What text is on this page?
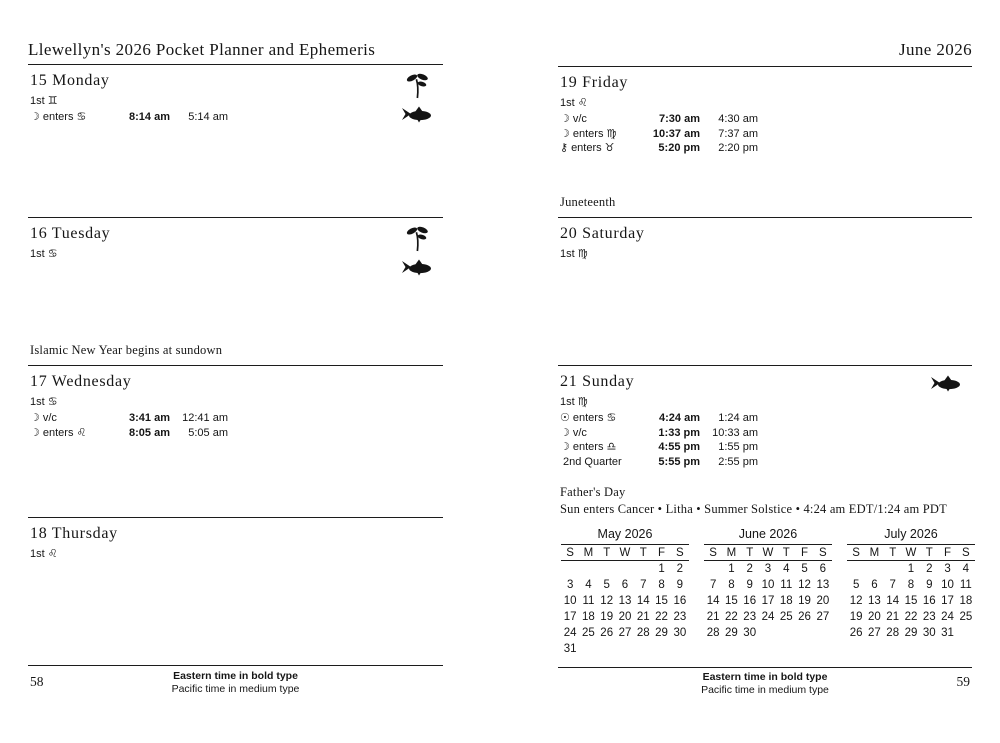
Llewellyn's 2026 Pocket Planner and Ephemeris
15 Monday
1st ♊
☽ enters ♋	8:14 am	5:14 am
16 Tuesday
1st ♋
Islamic New Year begins at sundown
17 Wednesday
1st ♋
☽ v/c	3:41 am	12:41 am
☽ enters ♌	8:05 am	5:05 am
18 Thursday
1st ♌
Eastern time in bold type
Pacific time in medium type
58
June 2026
19 Friday
1st ♌
☽ v/c	7:30 am	4:30 am
☽ enters ♍	10:37 am	7:37 am
⚷ enters ♉	5:20 pm	2:20 pm
Juneteenth
20 Saturday
1st ♍
21 Sunday
1st ♍
☉ enters ♋	4:24 am	1:24 am
☽ v/c	1:33 pm	10:33 am
☽ enters ♎	4:55 pm	1:55 pm
2nd Quarter	5:55 pm	2:55 pm
Father's Day
Sun enters Cancer • Litha • Summer Solstice • 4:24 am EDT/1:24 am PDT
May 2026
S	M	T	W	T	F	S
					1	2
3	4	5	6	7	8	9
10	11	12	13	14	15	16
17	18	19	20	21	22	23
24	25	26	27	28	29	30
31						
June 2026
S	M	T	W	T	F	S
	1	2	3	4	5	6
7	8	9	10	11	12	13
14	15	16	17	18	19	20
21	22	23	24	25	26	27
28	29	30				
July 2026
S	M	T	W	T	F	S
			1	2	3	4
5	6	7	8	9	10	11
12	13	14	15	16	17	18
19	20	21	22	23	24	25
26	27	28	29	30	31	
Eastern time in bold type
Pacific time in medium type
59
